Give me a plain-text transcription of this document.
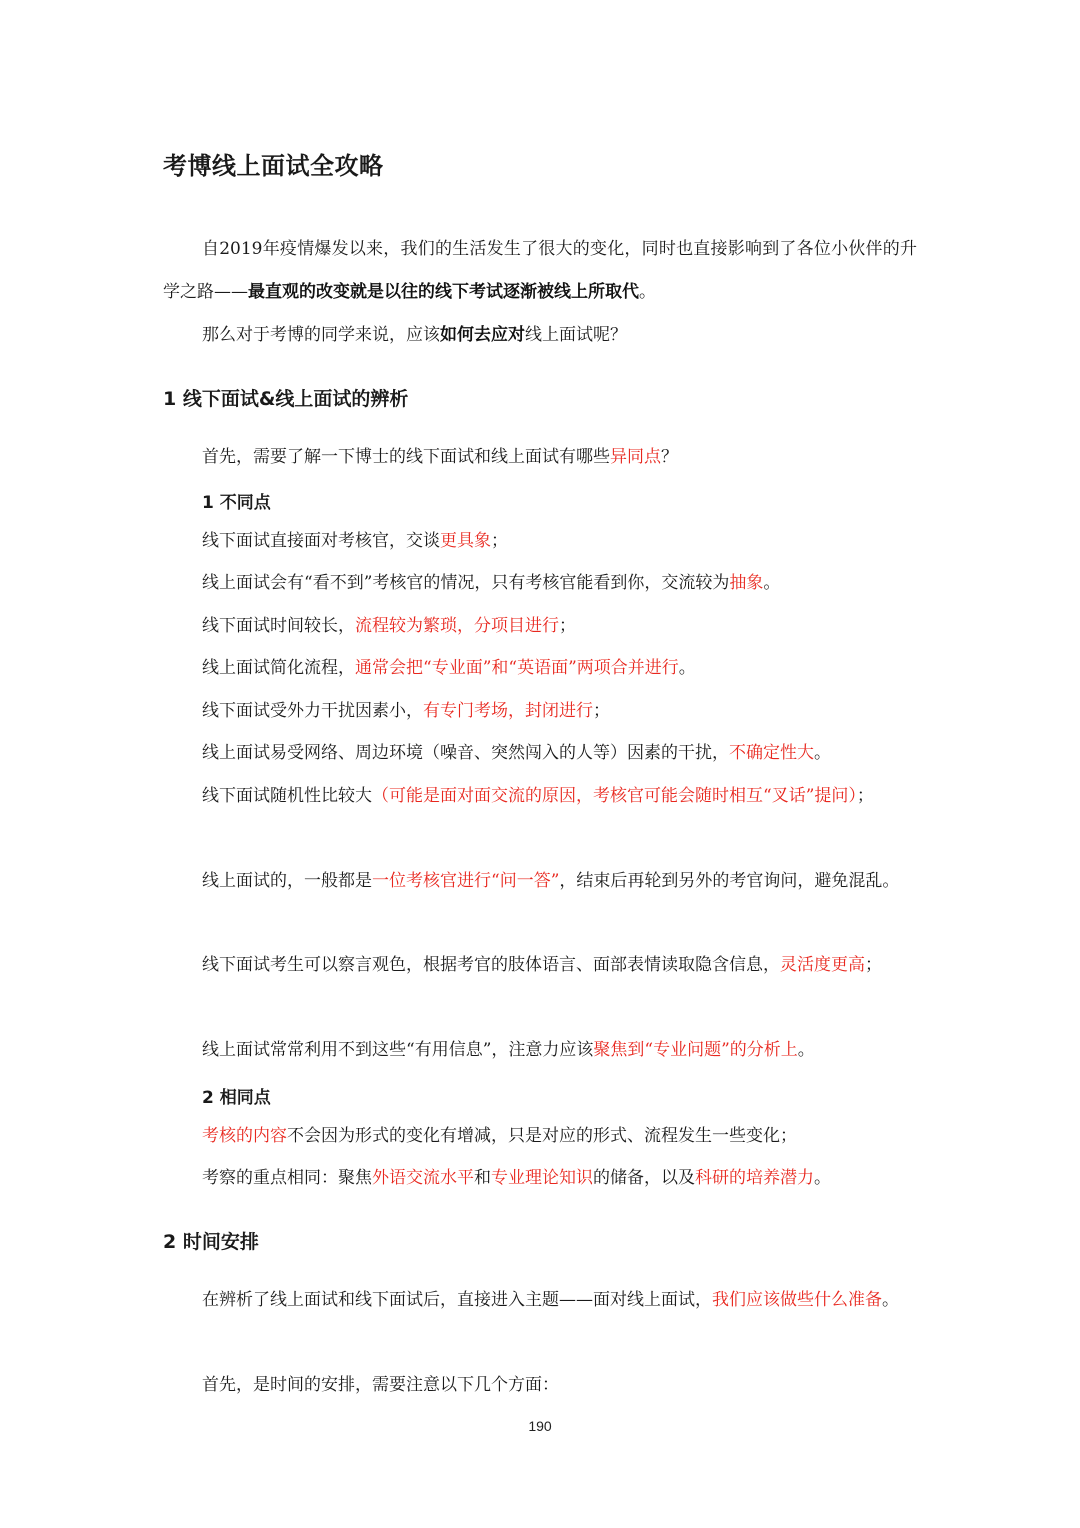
考博线上面试全攻略
自2019年疫情爆发以来，我们的生活发生了很大的变化，同时也直接影响到了各位小伙伴的升学之路——最直观的改变就是以往的线下考试逐渐被线上所取代。
那么对于考博的同学来说，应该如何去应对线上面试呢？
1 线下面试&线上面试的辨析
首先，需要了解一下博士的线下面试和线上面试有哪些异同点？
1 不同点
线下面试直接面对考核官，交谈更具象；
线上面试会有“看不到”考核官的情况，只有考核官能看到你，交流较为抽象。
线下面试时间较长，流程较为繁琐，分项目进行；
线上面试简化流程，通常会把“专业面”和“英语面”两项合并进行。
线下面试受外力干扰因素小，有专门考场，封闭进行；
线上面试易受网络、周边环境（噪音、突然闯入的人等）因素的干扰，不确定性大。
线下面试随机性比较大（可能是面对面交流的原因，考核官可能会随时相互“叉话”提问）；
线上面试的，一般都是一位考核官进行“问一答”，结束后再轮到另外的考官询问，避免混乱。
线下面试考生可以察言观色，根据考官的肢体语言、面部表情读取隐含信息，灵活度更高；
线上面试常常利用不到这些“有用信息”，注意力应该聚焦到“专业问题”的分析上。
2 相同点
考核的内容不会因为形式的变化有增减，只是对应的形式、流程发生一些变化；
考察的重点相同：聚焦外语交流水平和专业理论知识的储备，以及科研的培养潜力。
2 时间安排
在辨析了线上面试和线下面试后，直接进入主题——面对线上面试，我们应该做些什么准备。
首先，是时间的安排，需要注意以下几个方面：
190
